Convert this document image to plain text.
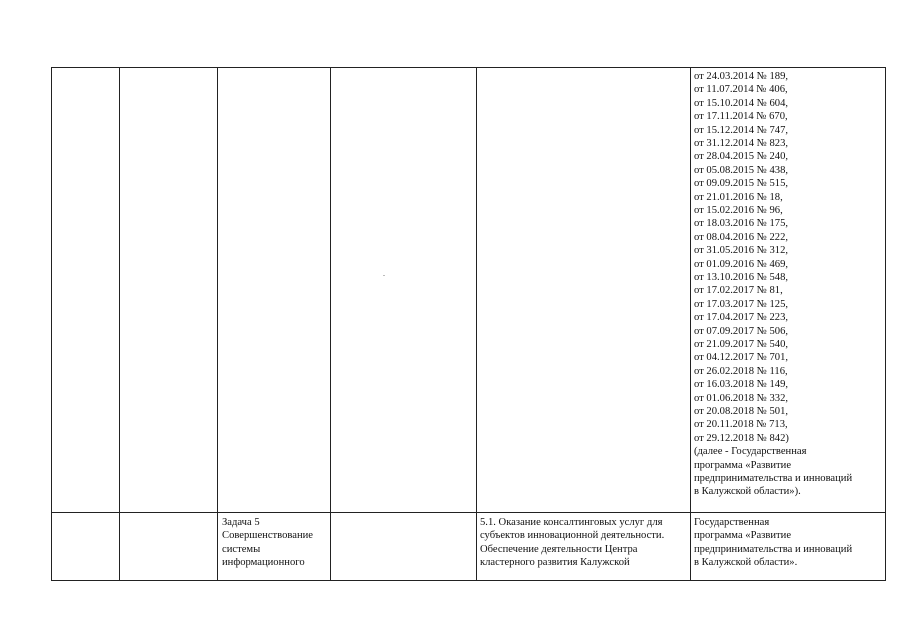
от 24.03.2014 № 189,
от 11.07.2014 № 406,
от 15.10.2014 № 604,
от 17.11.2014 № 670,
от 15.12.2014 № 747,
от 31.12.2014 № 823,
от 28.04.2015 № 240,
от 05.08.2015 № 438,
от 09.09.2015 № 515,
от 21.01.2016 № 18,
от 15.02.2016 № 96,
от 18.03.2016 № 175,
от 08.04.2016 № 222,
от 31.05.2016 № 312,
от 01.09.2016 № 469,
от 13.10.2016 № 548,
от 17.02.2017 № 81,
от 17.03.2017 № 125,
от 17.04.2017 № 223,
от 07.09.2017 № 506,
от 21.09.2017 № 540,
от 04.12.2017 № 701,
от 26.02.2018 № 116,
от 16.03.2018 № 149,
от 01.06.2018 № 332,
от 20.08.2018 № 501,
от 20.11.2018 № 713,
от 29.12.2018 № 842)
(далее - Государственная
программа «Развитие
предпринимательства и инноваций
в Калужской области»).
Задача 5
Совершенствование
системы
информационного
5.1. Оказание консалтинговых услуг для
субъектов инновационной деятельности.
Обеспечение деятельности Центра
кластерного развития Калужской
Государственная
программа «Развитие
предпринимательства и инноваций
в Калужской области».
